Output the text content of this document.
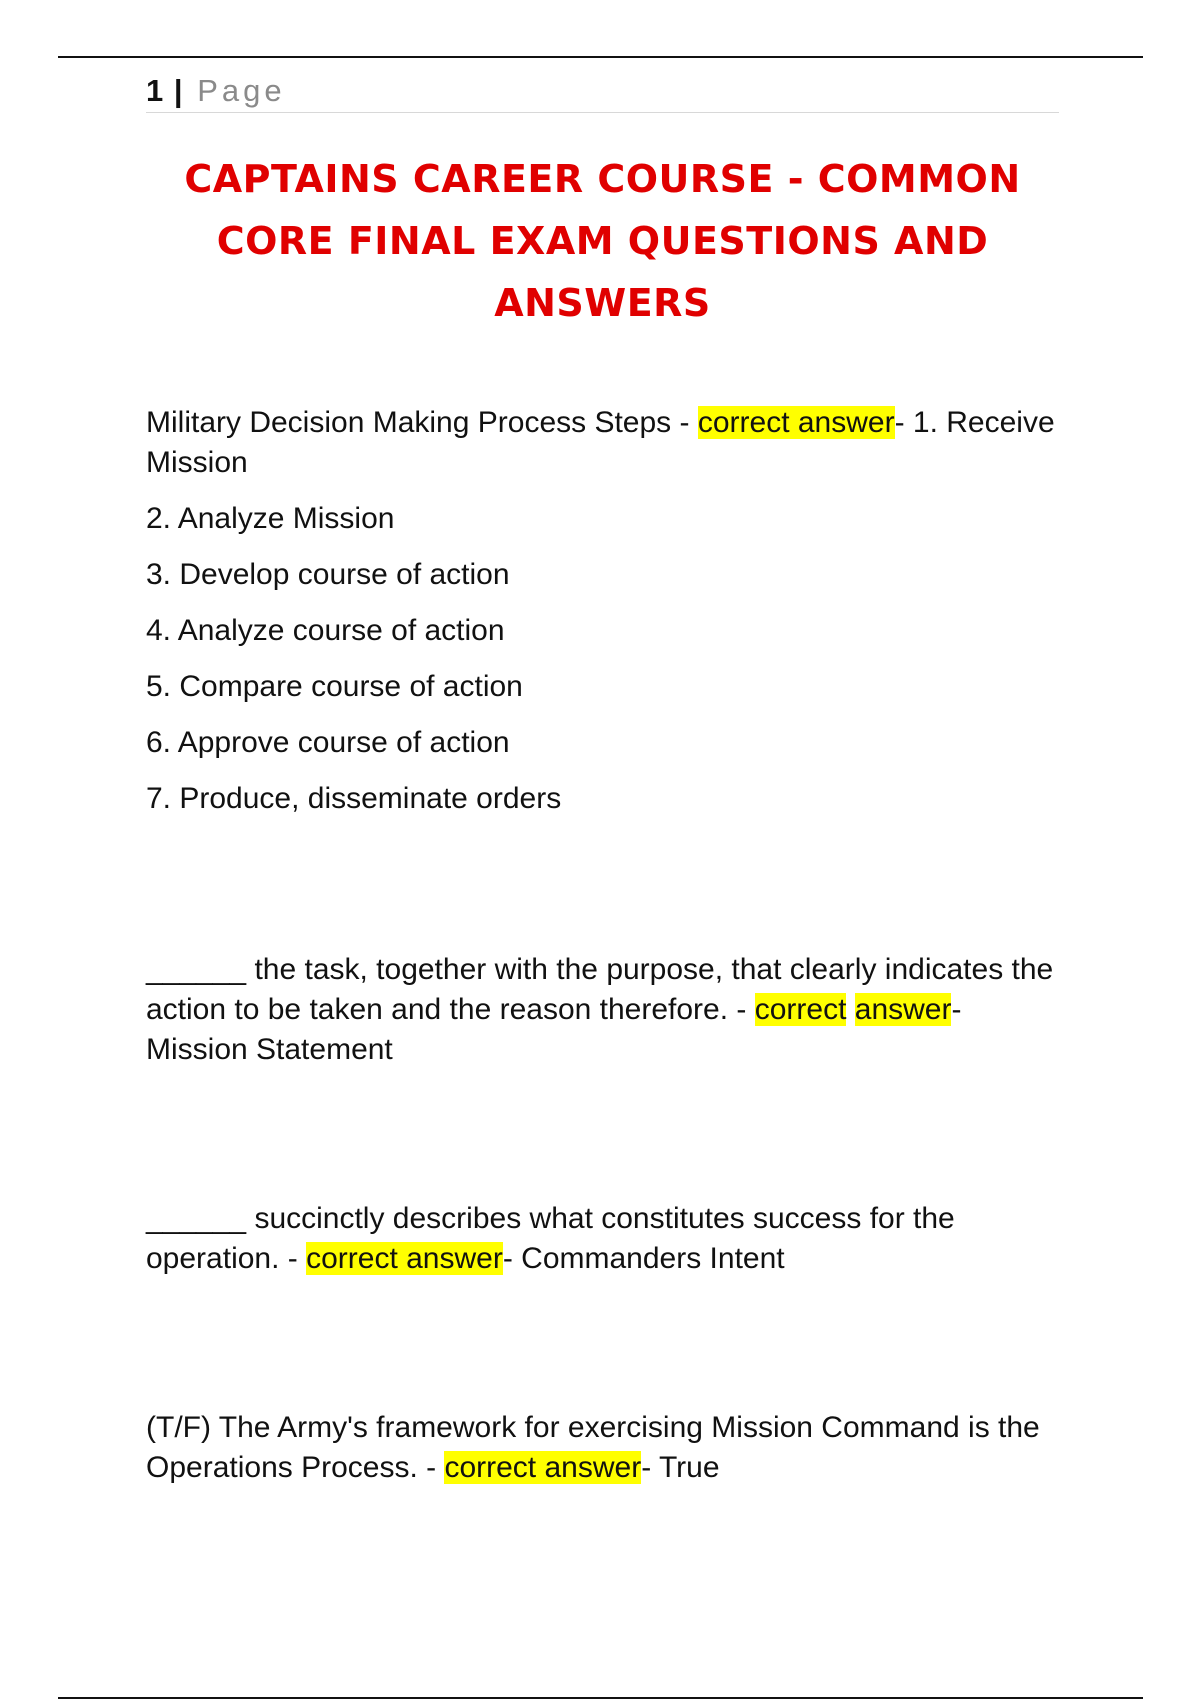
1 | Page
CAPTAINS CAREER COURSE - COMMON CORE FINAL EXAM QUESTIONS AND ANSWERS

Military Decision Making Process Steps - correct answer- 1. Receive Mission

2. Analyze Mission

3. Develop course of action

4. Analyze course of action

5. Compare course of action

6. Approve course of action

7. Produce, disseminate orders

______ the task, together with the purpose, that clearly indicates the action to be taken and the reason therefore. - correct answer- Mission Statement

______ succinctly describes what constitutes success for the operation. - correct answer- Commanders Intent

(T/F) The Army's framework for exercising Mission Command is the Operations Process. - correct answer- True
